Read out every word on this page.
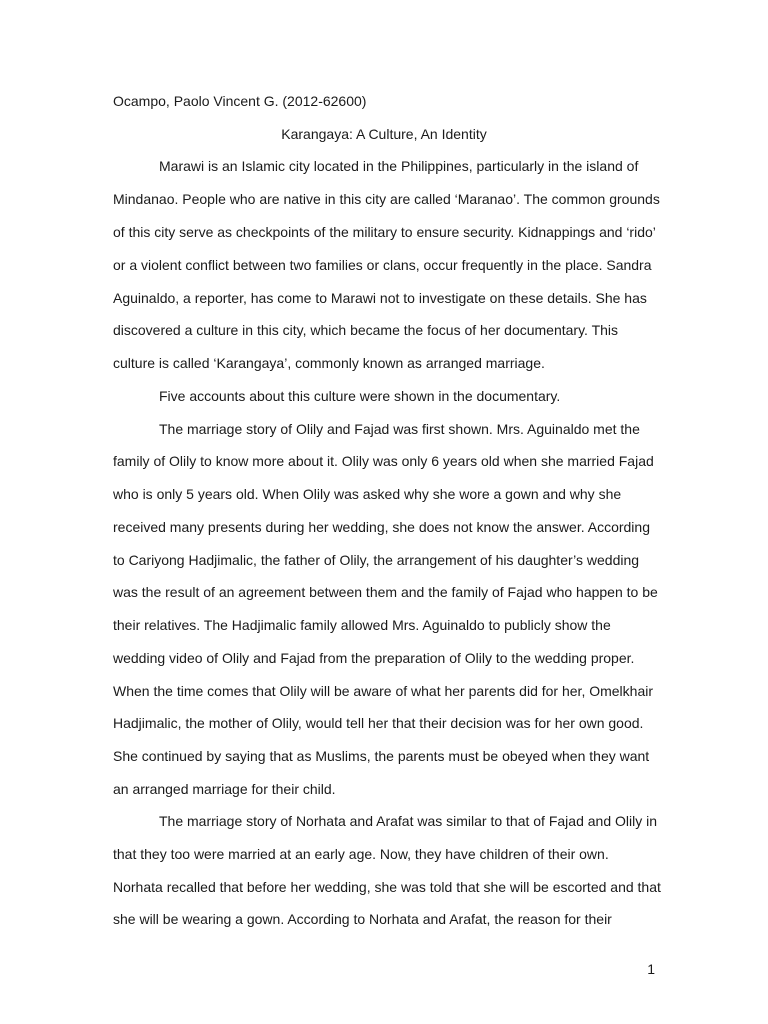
Ocampo, Paolo Vincent G. (2012-62600)
Karangaya: A Culture, An Identity
Marawi is an Islamic city located in the Philippines, particularly in the island of
Mindanao. People who are native in this city are called ‘Maranao’. The common grounds
of this city serve as checkpoints of the military to ensure security. Kidnappings and ‘rido’
or a violent conflict between two families or clans, occur frequently in the place. Sandra
Aguinaldo, a reporter, has come to Marawi not to investigate on these details. She has
discovered a culture in this city, which became the focus of her documentary. This
culture is called ‘Karangaya’, commonly known as arranged marriage.
Five accounts about this culture were shown in the documentary.
The marriage story of Olily and Fajad was first shown. Mrs. Aguinaldo met the
family of Olily to know more about it. Olily was only 6 years old when she married Fajad
who is only 5 years old. When Olily was asked why she wore a gown and why she
received many presents during her wedding, she does not know the answer. According
to Cariyong Hadjimalic, the father of Olily, the arrangement of his daughter’s wedding
was the result of an agreement between them and the family of Fajad who happen to be
their relatives. The Hadjimalic family allowed Mrs. Aguinaldo to publicly show the
wedding video of Olily and Fajad from the preparation of Olily to the wedding proper.
When the time comes that Olily will be aware of what her parents did for her, Omelkhair
Hadjimalic, the mother of Olily, would tell her that their decision was for her own good.
She continued by saying that as Muslims, the parents must be obeyed when they want
an arranged marriage for their child.
The marriage story of Norhata and Arafat was similar to that of Fajad and Olily in
that they too were married at an early age. Now, they have children of their own.
Norhata recalled that before her wedding, she was told that she will be escorted and that
she will be wearing a gown. According to Norhata and Arafat, the reason for their
1
